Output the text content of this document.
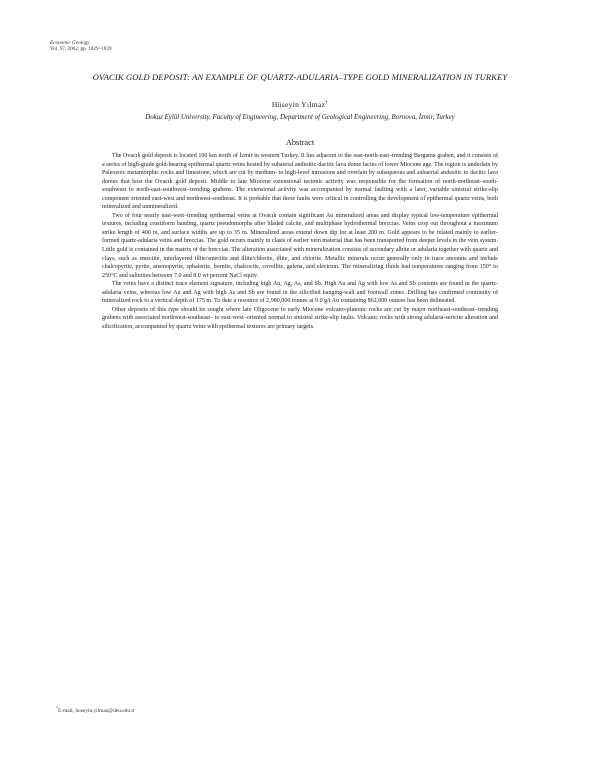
Economic Geology
Vol. 97, 2002, pp. 1829–1839
OVACIK GOLD DEPOSIT: AN EXAMPLE OF QUARTZ-ADULARIA–TYPE GOLD MINERALIZATION IN TURKEY
Hüseyin Yılmaz†
Dokuz Eylül University, Faculty of Engineering, Department of Geological Engineering, Bornova, İzmir, Turkey
Abstract

The Ovacık gold deposit is located 100 km north of İzmir in western Turkey. It lies adjacent to the east-north-east–trending Bergama graben, and it consists of a series of high-grade gold-bearing epithermal quartz veins hosted by subaerial andesitic-dacitic lava dome facies of lower Miocene age. The region is underlain by Paleozoic metamorphic rocks and limestone, which are cut by medium- to high-level intrusions and overlain by subaqueous and subaerial andesitic to dacitic lava domes that host the Ovacık gold deposit. Middle to late Miocene extensional tectonic activity was responsible for the formation of north-northeast–south-southwest to north-east-southwest–trending grabens. The extensional activity was accompanied by normal faulting with a later, variable sinistral strike-slip component oriented east-west and northwest-southeast. It is probable that these faults were critical in controlling the development of epithermal quartz veins, both mineralized and unmineralized.

Two of four nearly east-west–trending epithermal veins at Ovacık contain significant Au mineralized areas and display typical low-temperature epithermal textures, including crustiform banding, quartz pseudomorphs after bladed calcite, and multiphase hydrothermal breccias. Veins crop out throughout a maximum strike length of 400 m, and surface widths are up to 35 m. Mineralized areas extend down dip for at least 200 m. Gold appears to be related mainly to earlier-formed quartz-adularia veins and breccias. The gold occurs mainly in clasts of earlier vein material that has been transported from deeper levels in the vein system. Little gold is contained in the matrix of the breccias. The alteration associated with mineralization consists of secondary albite or adularia together with quartz and clays, such as smectite, interlayered illite/smectite and illite/chlorite, illite, and chlorite. Metallic minerals occur generally only in trace amounts and include chalcopyrite, pyrite, arsenopyrite, sphalerite, bornite, chalcocite, covellite, galena, and electrum. The mineralizing fluids had temperatures ranging from 150° to 250°C and salinities between 7.0 and 8.0 wt percent NaCl equiv.

The veins have a distinct trace element signature, including high Au, Ag, As, and Sb. High Au and Ag with low As and Sb contents are found in the quartz-adularia veins, whereas low Au and Ag with high As and Sb are found in the silicified hanging-wall and footwall zones. Drilling has confirmed continuity of mineralized rock to a vertical depth of 175 m. To date a resource of 2,980,000 tonnes at 9.0 g/t Au containing 862,000 ounces has been delineated.

Other deposits of this type should be sought where late Oligocene to early Miocene volcano-plutonic rocks are cut by major northeast-southeast–trending grabens with associated northwest-southeast– to east-west–oriented normal to sinistral strike-slip faults. Volcanic rocks with strong adularia-sericite alteration and silicification, accompanied by quartz veins with epithermal textures are primary targets.

†E-mail, huseyin.yilmaz@deu.edu.tr
